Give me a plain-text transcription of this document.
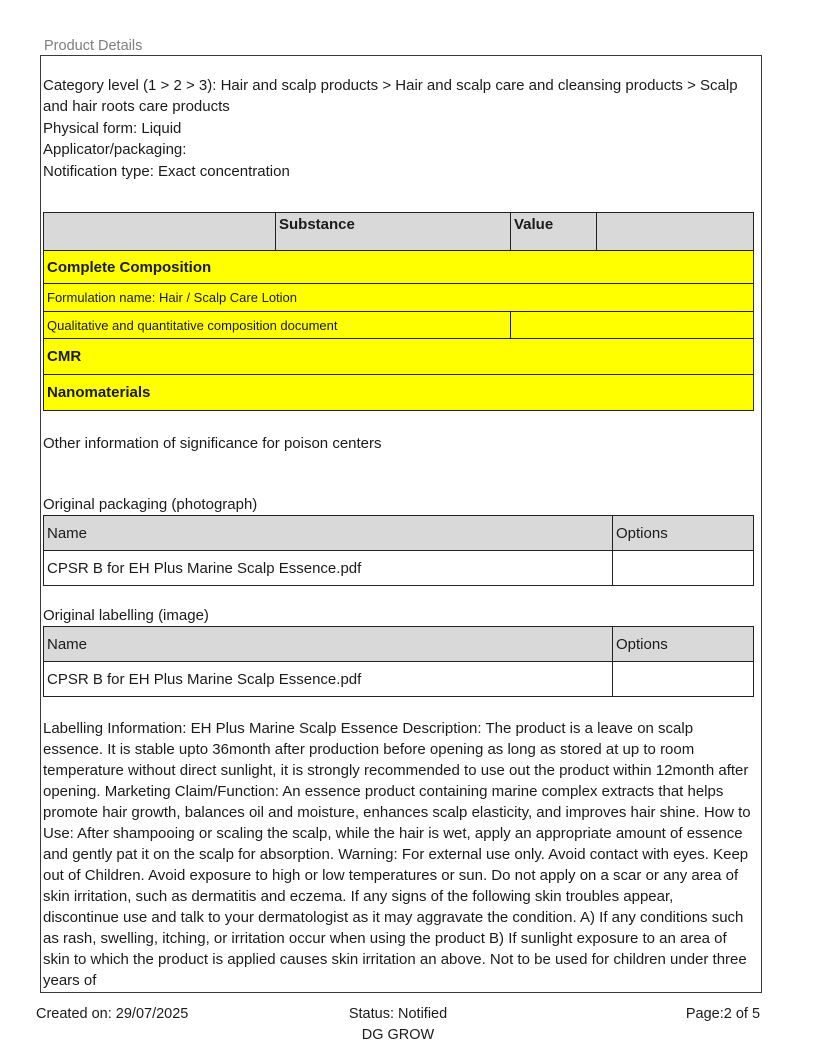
Product Details

Category level (1 > 2 > 3): Hair and scalp products > Hair and scalp care and cleansing products > Scalp and hair roots care products

Physical form: Liquid

Applicator/packaging:

Notification type: Exact concentration

	Substance	Value	
Complete Composition			
Formulation name: Hair / Scalp Care Lotion			
Qualitative and quantitative composition document			
CMR			
Nanomaterials			

Other information of significance for poison centers

Original packaging (photograph)

Name	Options
CPSR B for EH Plus Marine Scalp Essence.pdf	

Original labelling (image)

Name	Options
CPSR B for EH Plus Marine Scalp Essence.pdf	

Labelling Information: EH Plus Marine Scalp Essence Description: The product is a leave on scalp essence. It is stable upto 36month after production before opening as long as stored at up to room temperature without direct sunlight, it is strongly recommended to use out the product within 12month after opening. Marketing Claim/Function: An essence product containing marine complex extracts that helps promote hair growth, balances oil and moisture, enhances scalp elasticity, and improves hair shine. How to Use: After shampooing or scaling the scalp, while the hair is wet, apply an appropriate amount of essence and gently pat it on the scalp for absorption. Warning: For external use only. Avoid contact with eyes. Keep out of Children. Avoid exposure to high or low temperatures or sun. Do not apply on a scar or any area of skin irritation, such as dermatitis and eczema. If any signs of the following skin troubles appear, discontinue use and talk to your dermatologist as it may aggravate the condition. A) If any conditions such as rash, swelling, itching, or irritation occur when using the product B) If sunlight exposure to an area of skin to which the product is applied causes skin irritation an above. Not to be used for children under three years of

Created on: 29/07/2025	Status: Notified
DG GROW
Page:2 of 5
